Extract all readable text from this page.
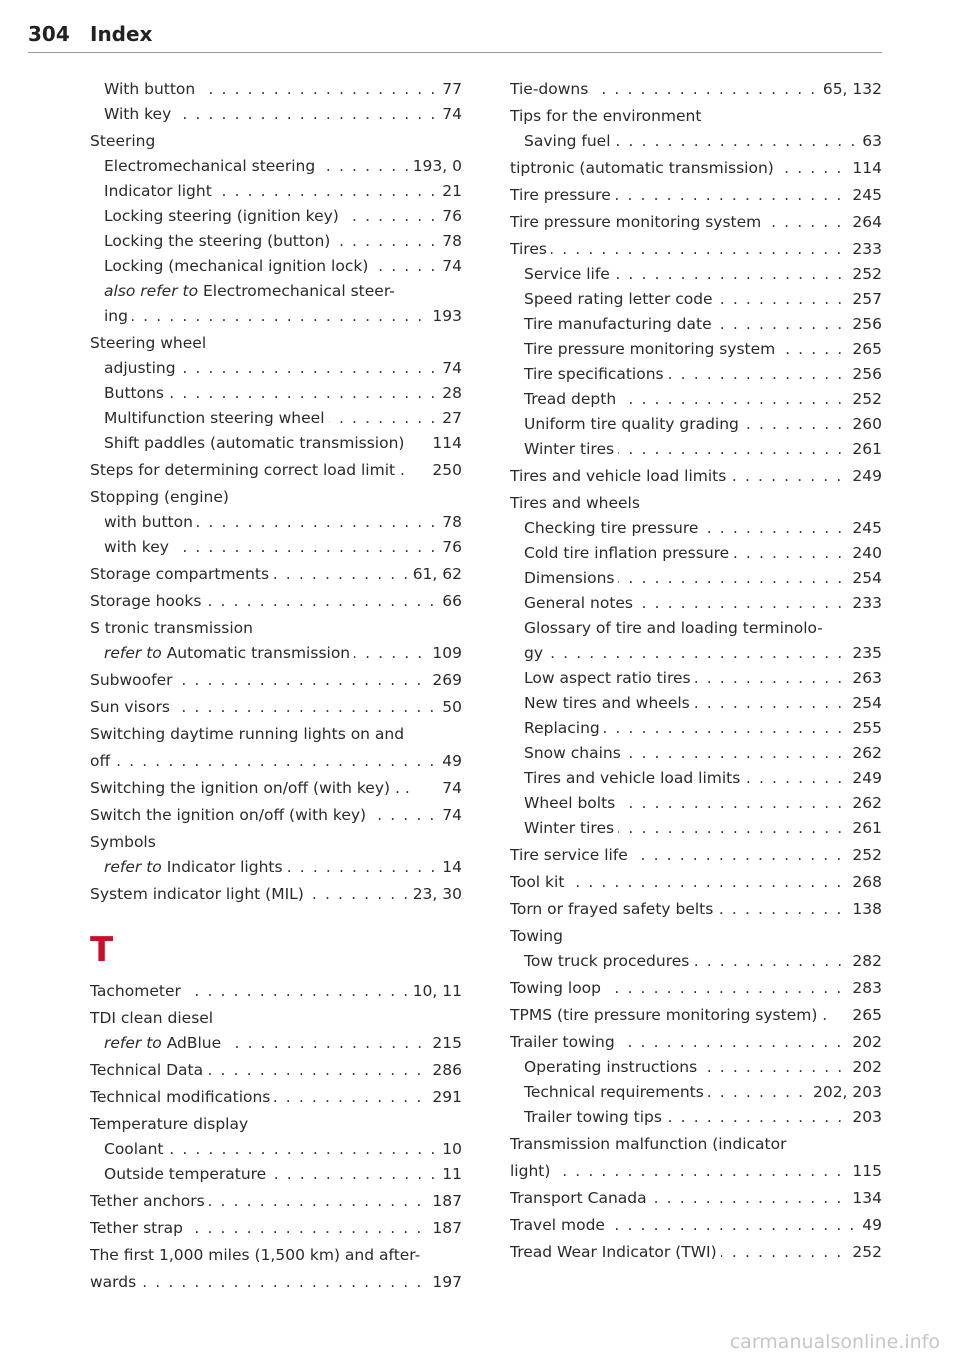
304 Index
With button	77
. . .
With key	74
. . .
Steering
Electromechanical steering	193, 0
. . .
Indicator light	21
. . .
Locking steering (ignition key)	76
. . .
Locking the steering (button)	78
. . .
Locking (mechanical ignition lock)	74
. . .
also refer to Electromechanical steer-
ing	193
. . .
Steering wheel
adjusting	74
. . .
Buttons	28
. . .
Multifunction steering wheel	27
. . .
Shift paddles (automatic transmission) 114
Steps for determining correct load limit . 250
Stopping (engine)
with button	78
. . .
with key	76
. . .
Storage compartments	61, 62
. . .
Storage hooks	66
. . .
S tronic transmission
refer to Automatic transmission	109
. . .
Subwoofer	269
. . .
Sun visors	50
. . .
Switching daytime running lights on and
off	49
. . .
Switching the ignition on/off (with key) . . 74
Switch the ignition on/off (with key)	74
. . .
Symbols
refer to Indicator lights	14
. . .
System indicator light (MIL)	23, 30
. . .
T
Tachometer	10, 11
. . .
TDI clean diesel
refer to AdBlue	215
. . .
Technical Data	286
. . .
Technical modifications	291
. . .
Temperature display
Coolant	10
. . .
Outside temperature	11
. . .
Tether anchors	187
. . .
Tether strap	187
. . .
The first 1,000 miles (1,500 km) and after-
wards	197
. . .
Tie-downs	65, 132
. . .
Tips for the environment
Saving fuel	63
. . .
tiptronic (automatic transmission)	114
. . .
Tire pressure	245
. . .
Tire pressure monitoring system	264
. . .
Tires	233
. . .
Service life	252
. . .
Speed rating letter code	257
. . .
Tire manufacturing date	256
. . .
Tire pressure monitoring system	265
. . .
Tire specifications	256
. . .
Tread depth	252
. . .
Uniform tire quality grading	260
. . .
Winter tires	261
. . .
Tires and vehicle load limits	249
. . .
Tires and wheels
Checking tire pressure	245
. . .
Cold tire inflation pressure	240
. . .
Dimensions	254
. . .
General notes	233
. . .
Glossary of tire and loading terminolo-
gy	235
. . .
Low aspect ratio tires	263
. . .
New tires and wheels	254
. . .
Replacing	255
. . .
Snow chains	262
. . .
Tires and vehicle load limits	249
. . .
Wheel bolts	262
. . .
Winter tires	261
. . .
Tire service life	252
. . .
Tool kit	268
. . .
Torn or frayed safety belts	138
. . .
Towing
Tow truck procedures	282
. . .
Towing loop	283
. . .
TPMS (tire pressure monitoring system) . 265
Trailer towing	202
. . .
Operating instructions	202
. . .
Technical requirements	202, 203
. . .
Trailer towing tips	203
. . .
Transmission malfunction (indicator
light)	115
. . .
Transport Canada	134
. . .
Travel mode	49
. . .
Tread Wear Indicator (TWI)	252
. . .
carmanualsonline.info
